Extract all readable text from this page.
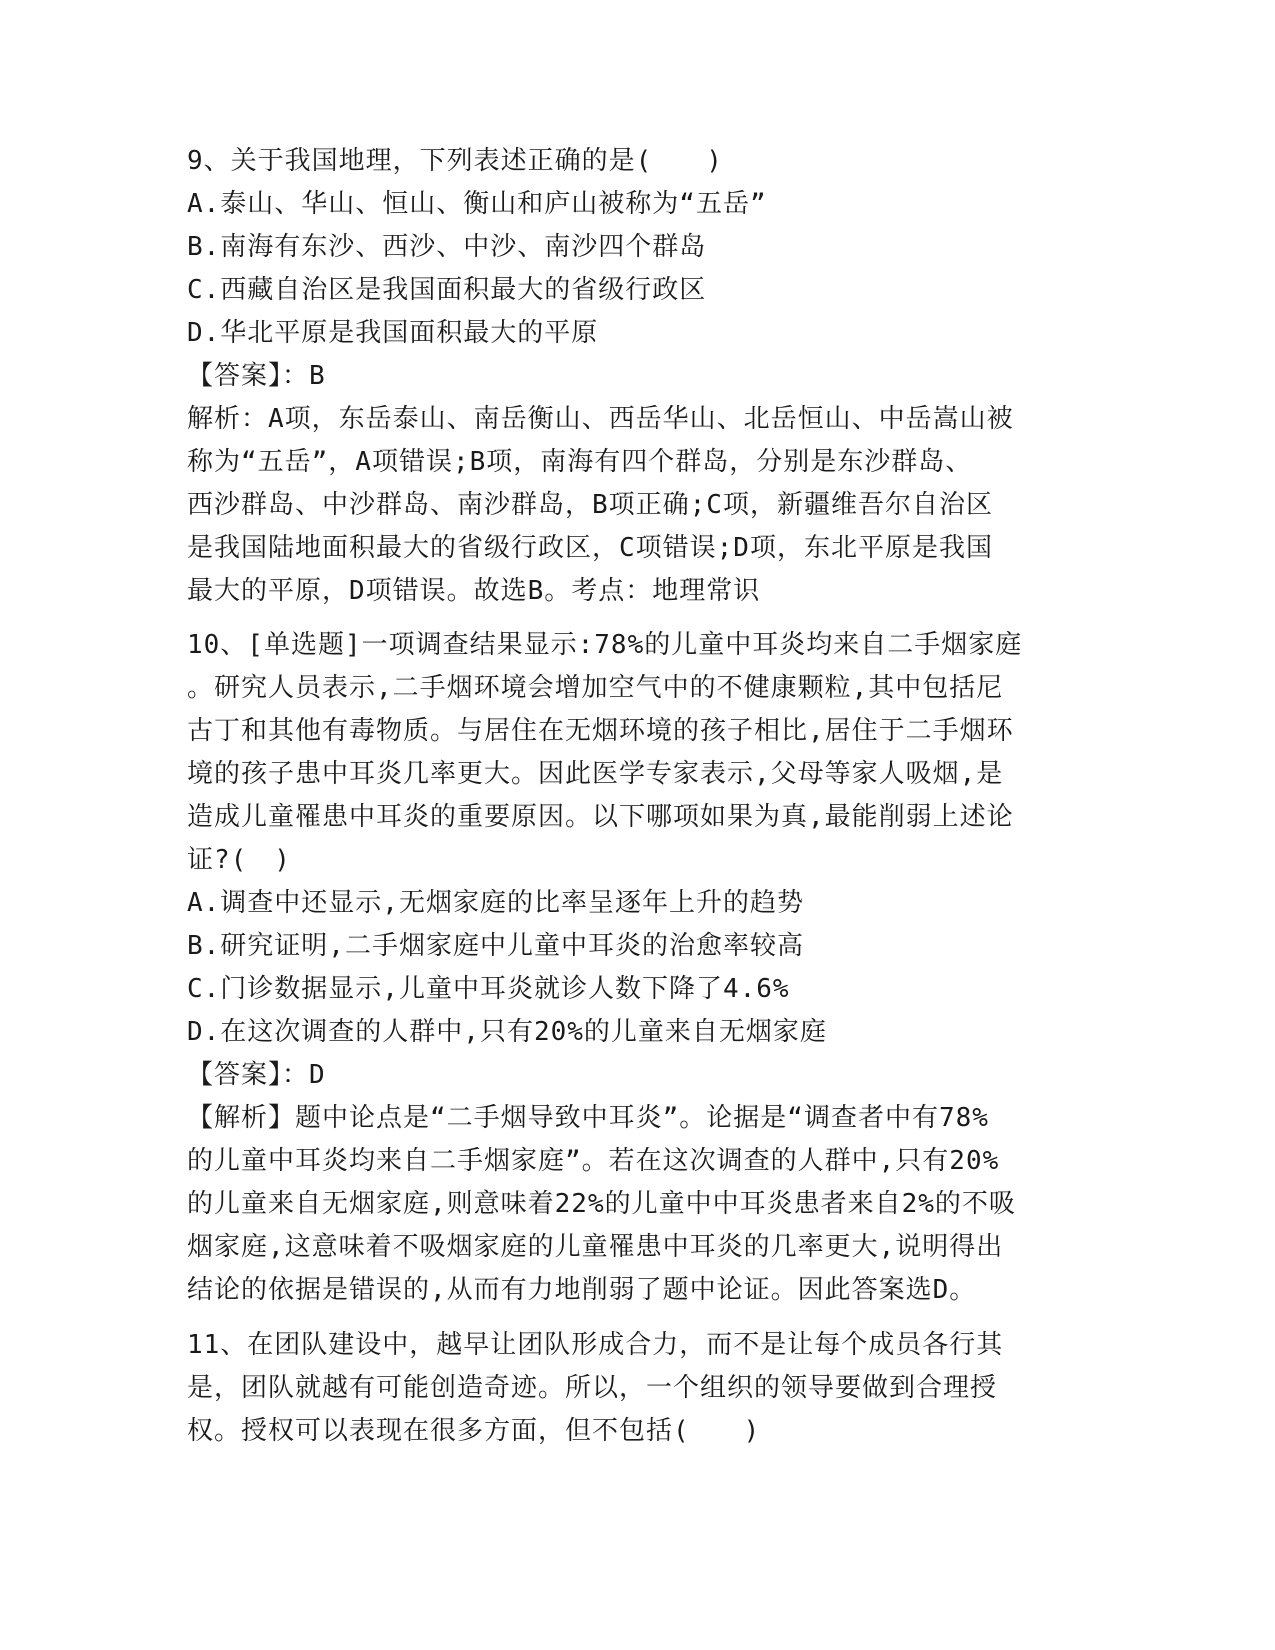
9、关于我国地理，下列表述正确的是(　　)
A.泰山、华山、恒山、衡山和庐山被称为“五岳”
B.南海有东沙、西沙、中沙、南沙四个群岛
C.西藏自治区是我国面积最大的省级行政区
D.华北平原是我国面积最大的平原
【答案】：B
解析：A项，东岳泰山、南岳衡山、西岳华山、北岳恒山、中岳嵩山被
称为“五岳”，A项错误;B项，南海有四个群岛，分别是东沙群岛、
西沙群岛、中沙群岛、南沙群岛，B项正确;C项，新疆维吾尔自治区
是我国陆地面积最大的省级行政区，C项错误;D项，东北平原是我国
最大的平原，D项错误。故选B。考点：地理常识
10、[单选题]一项调查结果显示:78%的儿童中耳炎均来自二手烟家庭
。研究人员表示,二手烟环境会增加空气中的不健康颗粒,其中包括尼
古丁和其他有毒物质。与居住在无烟环境的孩子相比,居住于二手烟环
境的孩子患中耳炎几率更大。因此医学专家表示,父母等家人吸烟,是
造成儿童罹患中耳炎的重要原因。以下哪项如果为真,最能削弱上述论
证?(　)
A.调查中还显示,无烟家庭的比率呈逐年上升的趋势
B.研究证明,二手烟家庭中儿童中耳炎的治愈率较高
C.门诊数据显示,儿童中耳炎就诊人数下降了4.6%
D.在这次调查的人群中,只有20%的儿童来自无烟家庭
【答案】：D
【解析】题中论点是“二手烟导致中耳炎”。论据是“调查者中有78%
的儿童中耳炎均来自二手烟家庭”。若在这次调查的人群中,只有20%
的儿童来自无烟家庭,则意味着22%的儿童中中耳炎患者来自2%的不吸
烟家庭,这意味着不吸烟家庭的儿童罹患中耳炎的几率更大,说明得出
结论的依据是错误的,从而有力地削弱了题中论证。因此答案选D。
11、在团队建设中，越早让团队形成合力，而不是让每个成员各行其
是，团队就越有可能创造奇迹。所以，一个组织的领导要做到合理授
权。授权可以表现在很多方面，但不包括(　　)
